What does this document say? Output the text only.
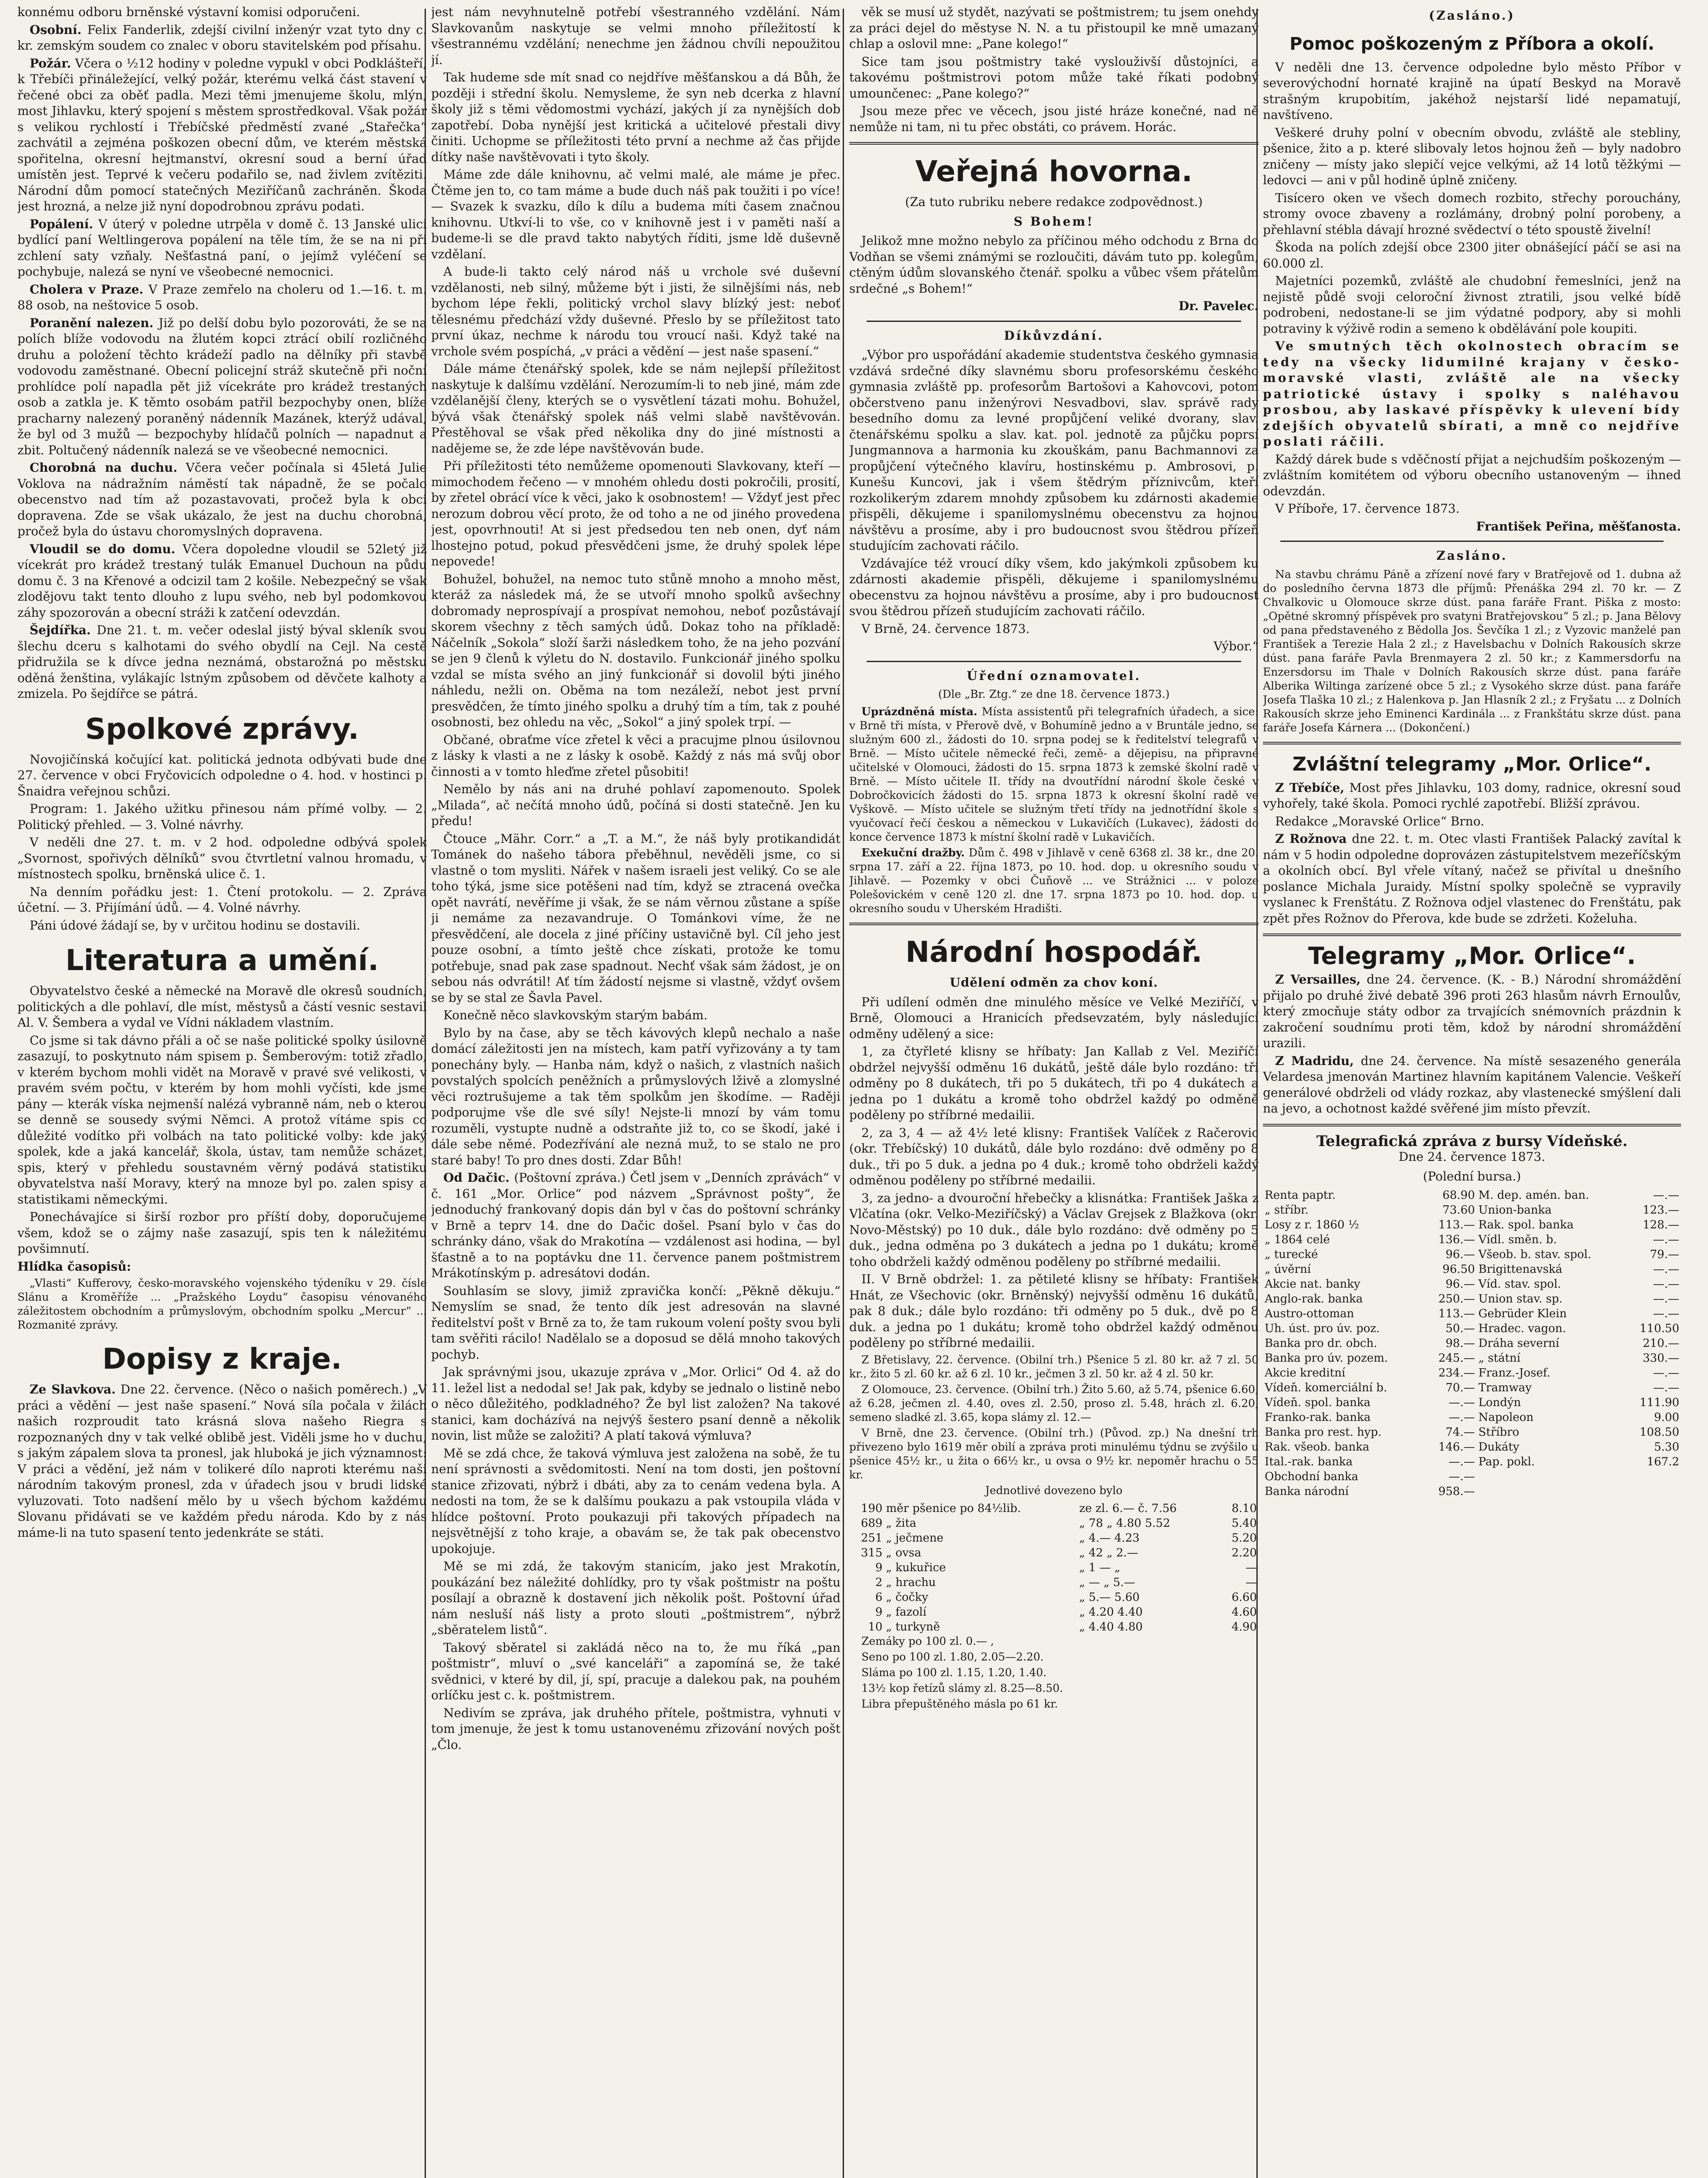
konnému odboru brněnské výstavní komisi odporučeni.

Osobní. Felix Fanderlik, zdejší civilní inženýr vzat tyto dny c. kr. zemským soudem co znalec v oboru stavitelském pod přísahu.

Požár. Včera o ½12 hodiny v poledne vypukl v obci Podklášteří, k Třebíči přináležející, velký požár, kterému velká část stavení v řečené obci za oběť padla. Mezi těmi jmenujeme školu, mlýn, most Jihlavku, který spojení s městem sprostředkoval. Však požár s velikou rychlostí i Třebíčské předměstí zvané „Stařečka“ zachvátil a zejména poškozen obecní dům, ve kterém městská spořitelna, okresní hejtmanství, okresní soud a berní úřad umístěn jest. Teprvé k večeru podařilo se, nad živlem zvítěziti. Národní dům pomocí statečných Meziříčanů zachráněn. Škoda jest hrozná, a nelze již nyní dopodrobnou zprávu podati.

Popálení. V úterý v poledne utrpěla v domě č. 13 Janské ulici bydlící paní Weltlingerova popálení na těle tím, že se na ni při zchlení saty vzňaly. Nešťastná paní, o jejímž vyléčení se pochybuje, nalezá se nyní ve všeobecné nemocnici.

Cholera v Praze. V Praze zemřelo na choleru od 1.—16. t. m. 88 osob, na neštovice 5 osob.

Poranění nalezen. Již po delší dobu bylo pozorováti, že se na polích blíže vodovodu na žlutém kopci ztrácí obilí rozličného druhu a položení těchto krádeží padlo na dělníky při stavbě vodovodu zaměstnané. Obecní policejní stráž skutečně při noční prohlídce polí napadla pět již vícekráte pro krádež trestaných osob a zatkla je. K těmto osobám patřil bezpochyby onen, blíže pracharny nalezený poraněný nádenník Mazánek, kterýž udával, že byl od 3 mužů — bezpochyby hlídačů polních — napadnut a zbit. Poltučený nádenník nalezá se ve všeobecné nemocnici.

Chorobná na duchu. Včera večer počínala si 45letá Julie Voklova na nádražním náměstí tak nápadně, že se počalo obecenstvo nad tím až pozastavovati, pročež byla k obci dopravena. Zde se však ukázalo, že jest na duchu chorobná, pročež byla do ústavu choromyslných dopravena.

Vloudil se do domu. Včera dopoledne vloudil se 52letý již vícekrát pro krádež trestaný tulák Emanuel Duchoun na půdu domu č. 3 na Křenové a odcizil tam 2 košile. Nebezpečný se však zlodějovu takt tento dlouho z lupu svého, neb byl podomkovou záhy spozorován a obecní stráži k zatčení odevzdán.

Šejdířka. Dne 21. t. m. večer odeslal jistý býval skleník svou šlechu dceru s kalhotami do svého obydlí na Cejl. Na cestě přidružila se k dívce jedna neznámá, obstarožná po městsku oděná ženština, vylákajíc lstným způsobem od děvčete kalhoty a zmizela. Po šejdířce se pátrá.

Spolkové zprávy.

Novojičínská kočující kat. politická jednota odbývati bude dne 27. července v obci Fryčovicích odpoledne o 4. hod. v hostinci p. Šnaidra veřejnou schůzi.

Program: 1. Jakého užitku přinesou nám přímé volby. — 2. Politický přehled. — 3. Volné návrhy.

V neděli dne 27. t. m. v 2 hod. odpoledne odbývá spolek „Svornost, spořivých dělníků“ svou čtvrtletní valnou hromadu, v místnostech spolku, brněnská ulice č. 1.

Na denním pořádku jest: 1. Čtení protokolu. — 2. Zpráva účetní. — 3. Přijímání údů. — 4. Volné návrhy.

Páni údové žádají se, by v určitou hodinu se dostavili.

Literatura a umění.

Obyvatelstvo české a německé na Moravě dle okresů soudních, politických a dle pohlaví, dle míst, městysů a částí vesnic sestavil Al. V. Šembera a vydal ve Vídni nákladem vlastním.

Co jsme si tak dávno přáli a oč se naše politické spolky úsilovně zasazují, to poskytnuto nám spisem p. Šemberovým: totiž zřadlo, v kterém bychom mohli vidět na Moravě v pravé své velikosti, v pravém svém počtu, v kterém by hom mohli vyčísti, kde jsme pány — kterák víska nejmenší nalézá vybranně nám, neb o kterou se denně se sousedy svými Němci. A protož vítáme spis co důležité vodítko při volbách na tato politické volby: kde jaký spolek, kde a jaká kancelář, škola, ústav, tam nemůže scházet, spis, který v přehledu soustavném věrný podává statistiku obyvatelstva naší Moravy, který na mnoze byl po. zalen spisy a statistikami německými.

Ponechávajíce si širší rozbor pro příští doby, doporučujeme všem, kdož se o zájmy naše zasazují, spis ten k náležitému povšimnutí.

Hlídka časopisů:

„Vlasti“ Kufferovy, česko-moravského vojenského týdeníku v 29. čísle Slánu a Kroměříže ... „Pražského Loydu“ časopisu vénovaného záležitostem obchodním a průmyslovým, obchodním spolku „Mercur“ ... Rozmanité zprávy.

Dopisy z kraje.

Ze Slavkova. Dne 22. července. (Něco o našich poměrech.) „V práci a vědění — jest naše spasení.“ Nová síla počala v žilách našich rozproudit tato krásná slova našeho Riegra s rozpoznaných dny v tak velké oblibě jest. Viděli jsme ho v duchu, s jakým zápalem slova ta pronesl, jak hluboká je jich významnost: V práci a vědění, jež nám v tolikeré dílo naproti kterému naši národním takovým pronesl, zda v úřadech jsou v brudi lidské vyluzovati. Toto nadšení mělo by u všech býchom každému Slovanu přidávati se ve každém předu národa. Kdo by z nás máme-li na tuto spasení tento jedenkráte se státi.

jest nám nevyhnutelně potřebí všestranného vzdělání. Nám Slavkovanům naskytuje se velmi mnoho příležitostí k všestrannému vzdělání; nenechme jen žádnou chvíli nepoužitou jí.

Tak hudeme sde mít snad co nejdříve měšťanskou a dá Bůh, že později i střední školu. Nemysleme, že syn neb dcerka z hlavní školy již s těmi vědomostmi vychází, jakých jí za nynějších dob zapotřebí. Doba nynější jest kritická a učitelové přestali divy činiti. Uchopme se příležitosti této první a nechme až čas přijde dítky naše navštěvovati i tyto školy.

Máme zde dále knihovnu, ač velmi malé, ale máme je přec. Čtěme jen to, co tam máme a bude duch náš pak toužiti i po více! — Svazek k svazku, dílo k dílu a budema míti časem značnou knihovnu. Utkví-li to vše, co v knihovně jest i v paměti naší a budeme-li se dle pravd takto nabytých říditi, jsme ldě duševně vzdělaní.

A bude-li takto celý národ náš u vrchole své duševní vzdělanosti, neb silný, můžeme být i jisti, že silnějšími nás, neb bychom lépe řekli, politický vrchol slavy blízký jest: neboť tělesnému předchází vždy duševné. Přeslo by se příležitost tato první úkaz, nechme k národu tou vroucí naši. Když také na vrchole svém pospíchá, „v práci a vědění — jest naše spasení.“

Dále máme čtenářský spolek, kde se nám nejlepší příležitost naskytuje k dalšímu vzdělání. Nerozumím-li to neb jiné, mám zde vzdělanější členy, kterých se o vysvětlení tázati mohu. Bohužel, bývá však čtenářský spolek náš velmi slabě navštěvován. Přestěhoval se však před několika dny do jiné místnosti a nadějeme se, že zde lépe navštěvován bude.

Při příležitosti této nemůžeme opomenouti Slavkovany, kteří — mimochodem řečeno — v mnohém ohledu dosti pokročili, prosití, by zřetel obrácí více k věci, jako k osobnostem! — Vždyť jest přec nerozum dobrou věcí proto, že od toho a ne od jiného provedena jest, opovrhnouti! At si jest předsedou ten neb onen, dyť nám lhostejno potud, pokud přesvědčeni jsme, že druhý spolek lépe nepovede!

Bohužel, bohužel, na nemoc tuto stůně mnoho a mnoho měst, kteráž za následek má, že se utvoří mnoho spolků avšechny dobromady neprospívají a prospívat nemohou, neboť pozůstávají skorem všechny z těch samých údů. Dokaz toho na příkladě: Náčelník „Sokola“ složí šarži následkem toho, že na jeho pozvání se jen 9 členů k výletu do N. dostavilo. Funkcionář jiného spolku vzdal se místa svého an jiný funkcionář si dovolil býti jiného náhledu, nežli on. Oběma na tom nezáleží, nebot jest první presvědčen, že tímto jiného spolku a druhý tím a tím, tak z pouhé osobnosti, bez ohledu na věc, „Sokol“ a jiný spolek trpí. —

Občané, obraťme více zřetel k věci a pracujme plnou úsilovnou z lásky k vlasti a ne z lásky k osobě. Každý z nás má svůj obor činnosti a v tomto hleďme zřetel působiti!

Nemělo by nás ani na druhé pohlaví zapomenouto. Spolek „Milada“, ač nečítá mnoho údů, počíná si dosti statečně. Jen ku předu!

Čtouce „Mähr. Corr.“ a „T. a M.“, že náš byly protikandidát Tománek do našeho tábora přeběhnul, nevěděli jsme, co si vlastně o tom mysliti. Nářek v našem israeli jest veliký. Co se ale toho týká, jsme sice potěšeni nad tím, když se ztracená ovečka opět navrátí, nevěříme ji však, že se nám věrnou zůstane a spíše ji nemáme za nezavandruje. O Tománkovi víme, že ne přesvědčení, ale docela z jiné příčiny ustavičně byl. Cíl jeho jest pouze osobní, a tímto ještě chce získati, protože ke tomu potřebuje, snad pak zase spadnout. Nechť však sám žádost, je on sebou nás odvrátil! Ať tím žádostí nejsme si vlastně, vždyť ovšem se by se stal ze Šavla Pavel.

Konečně něco slavkovským starým babám.

Bylo by na čase, aby se těch kávových klepů nechalo a naše domácí záležitosti jen na místech, kam patří vyřizovány a ty tam ponechány byly. — Hanba nám, když o našich, z vlastních našich povstalých spolcích peněžních a průmyslových lživě a zlomyslné věci roztrušujeme a tak těm spolkům jen škodíme. — Raději podporujme vše dle své síly! Nejste-li mnozí by vám tomu rozuměli, vystupte nudně a odstraňte již to, co se škodí, jaké i dále sebe němé. Podezřívání ale nezná muž, to se stalo ne pro staré baby! To pro dnes dosti. Zdar Bůh!

Od Dačic. (Poštovní zpráva.) Četl jsem v „Denních zprávách“ v č. 161 „Mor. Orlice“ pod názvem „Správnost pošty“, že jednoduchý frankovaný dopis dán byl v čas do poštovní schránky v Brně a teprv 14. dne do Dačic došel. Psaní bylo v čas do schránky dáno, však do Mrakotína — vzdálenost asi hodina, — byl šťastně a to na poptávku dne 11. července panem poštmistrem Mrákotínským p. adresátovi dodán.

Souhlasím se slovy, jimiž zpravička končí: „Pěkně děkuju.“ Nemyslím se snad, že tento dík jest adresován na slavné ředitelství pošt v Brně za to, že tam rukoum volení pošty svou byli tam svěřiti rácilo! Nadělalo se a doposud se dělá mnoho takových pochyb.

Jak správnými jsou, ukazuje zpráva v „Mor. Orlici“ Od 4. až do 11. ležel list a nedodal se! Jak pak, kdyby se jednalo o listině nebo o něco důležitého, podkladného? Že byl list založen? Na takové stanici, kam docházívá na nejvýš šestero psaní denně a několik novin, list může se založiti? A platí taková výmluva?

Mě se zdá chce, že taková výmluva jest založena na sobě, že tu není správnosti a svědomitosti. Není na tom dosti, jen poštovní stanice zřizovati, nýbrž i dbáti, aby za to cenám vedena byla. A nedosti na tom, že se k dalšímu poukazu a pak vstoupila vláda v hlídce poštovní. Proto poukazuji při takových případech na nejsvětnější z toho kraje, a obavám se, že tak pak obecenstvo upokojuje.

Mě se mi zdá, že takovým stanicím, jako jest Mrakotín, poukázání bez náležité dohlídky, pro ty však poštmistr na poštu posílají a obrazně k dostavení jich několik pošt. Poštovní úřad nám nesluší náš listy a proto slouti „poštmistrem“, nýbrž „sběratelem listů“.

Takový sběratel si zakládá něco na to, že mu říká „pan poštmistr“, mluví o „své kanceláři“ a zapomíná se, že také svědnici, v které by dil, jí, spí, pracuje a dalekou pak, na pouhém orlíčku jest c. k. poštmistrem.

Nedivím se zpráva, jak druhého přítele, poštmistra, vyhnuti v tom jmenuje, že jest k tomu ustanovenému zřizování nových pošt „Člo.

věk se musí už stydět, nazývati se poštmistrem; tu jsem onehdy za práci dejel do městyse N. N. a tu přistoupil ke mně umazaný chlap a oslovil mne: „Pane kolego!“

Sice tam jsou poštmistry také vyslouživší důstojníci, a takovému poštmistrovi potom může také říkati podobný umounčenec: „Pane kolego?“

Jsou meze přec ve věcech, jsou jisté hráze konečné, nad ně nemůže ni tam, ni tu přec obstáti, co právem. Horác.

Veřejná hovorna.
(Za tuto rubriku nebere redakce zodpovědnost.)
S Bohem!

Jelikož mne možno nebylo za příčinou mého odchodu z Brna do Vodňan se všemi známými se rozloučiti, dávám tuto pp. kolegům, ctěným údům slovanského čtenář. spolku a vůbec všem přátelům srdečné „s Bohem!“

Dr. Pavelec.
Díkůvzdání.

„Výbor pro uspořádání akademie studentstva českého gymnasia vzdává srdečné díky slavnému sboru profesorskému českého gymnasia zvláště pp. profesorům Bartošovi a Kahovcovi, potom občerstveno panu inženýrovi Nesvadbovi, slav. správě rady besedního domu za levné propůjčení veliké dvorany, slav. čtenářskému spolku a slav. kat. pol. jednotě za půjčku poprsí Jungmannova a harmonia ku zkouškám, panu Bachmannovi za propůjčení výtečného klavíru, hostinskému p. Ambrosovi, p. Kunešu Kuncovi, jak i všem štědrým příznivcům, kteří rozkolikerým zdarem mnohdy způsobem ku zdárnosti akademie přispěli, děkujeme i spanilomyslnému obecenstvu za hojnou návštěvu a prosíme, aby i pro budoucnost svou štědrou přízeň studujícím zachovati ráčilo.

Vzdávajíce též vroucí díky všem, kdo jakýmkoli způsobem ku zdárnosti akademie přispěli, děkujeme i spanilomyslnému obecenstvu za hojnou návštěvu a prosíme, aby i pro budoucnost svou štědrou přízeň studujícím zachovati ráčilo.

V Brně, 24. července 1873.

Výbor.“
Úřední oznamovatel.
(Dle „Br. Ztg.“ ze dne 18. července 1873.)

Uprázdněná místa. Místa assistentů při telegrafních úřadech, a sice: v Brně tři místa, v Přerově dvě, v Bohumíně jedno a v Bruntále jedno, se služným 600 zl., žádosti do 10. srpna podej se k ředitelství telegrafů v Brně. — Místo učitele německé řeči, země- a dějepisu, na připravné učitelské v Olomouci, žádosti do 15. srpna 1873 k zemské školní radě v Brně. — Místo učitele II. třídy na dvoutřídní národní škole české v Dobročkovicích žádosti do 15. srpna 1873 k okresní školní radě ve Vyškově. — Místo učitele se služným třetí třídy na jednotřídní škole s vyučovací řečí českou a německou v Lukavičích (Lukavec), žádosti do konce července 1873 k místní školní radě v Lukavičích.

Exekuční dražby. Dům č. 498 v Jihlavě v ceně 6368 zl. 38 kr., dne 20. srpna 17. září a 22. října 1873, po 10. hod. dop. u okresního soudu v Jihlavě. — Pozemky v obci Čuňově ... ve Strážnici ... v poloze Polešovickém v ceně 120 zl. dne 17. srpna 1873 po 10. hod. dop. u okresního soudu v Uherském Hradišti.

Národní hospodář.
Udělení odměn za chov koní.

Při udílení odměn dne minulého měsíce ve Velké Meziříčí, v Brně, Olomouci a Hranicích předsevzatém, byly následující odměny udělený a sice:

1, za čtyřleté klisny se hříbaty: Jan Kallab z Vel. Meziříčí obdržel nejvyšší odměnu 16 dukátů, ještě dále bylo rozdáno: tři odměny po 8 dukátech, tři po 5 dukátech, tři po 4 dukátech a jedna po 1 dukátu a kromě toho obdržel každý po odměně poděleny po stříbrné medailii.

2, za 3, 4 — až 4½ leté klisny: František Valíček z Račerovic (okr. Třebíčský) 10 dukátů, dále bylo rozdáno: dvě odměny po 8 duk., tři po 5 duk. a jedna po 4 duk.; kromě toho obdrželi každý odměnou poděleny po stříbrné medailii.

3, za jedno- a dvouroční hřebečky a klisnátka: František Jaška z Vlčatína (okr. Velko-Meziříčský) a Václav Grejsek z Blažkova (okr. Novo-Městský) po 10 duk., dále bylo rozdáno: dvě odměny po 5 duk., jedna odměna po 3 dukátech a jedna po 1 dukátu; kromě toho obdrželi každý odměnou poděleny po stříbrné medailii.

II. V Brně obdržel: 1. za pětileté klisny se hříbaty: František Hnát, ze Všechovic (okr. Brněnský) nejvyšší odměnu 16 dukátů, pak 8 duk.; dále bylo rozdáno: tři odměny po 5 duk., dvě po 8 duk. a jedna po 1 dukátu; kromě toho obdržel každý odměnou poděleny po stříbrné medailii.

Z Břetislavy, 22. července. (Obilní trh.) Pšenice 5 zl. 80 kr. až 7 zl. 50 kr., žito 5 zl. 60 kr. až 6 zl. 10 kr., ječmen 3 zl. 50 kr. až 4 zl. 50 kr.

Z Olomouce, 23. července. (Obilní trh.) Žito 5.60, až 5.74, pšenice 6.60, až 6.28, ječmen zl. 4.40, oves zl. 2.50, proso zl. 5.48, hrách zl. 6.20, semeno sladké zl. 3.65, kopa slámy zl. 12.—

V Brně, dne 23. července. (Obilní trh.) (Původ. zp.) Na dnešní trh přivezeno bylo 1619 měr obilí a zpráva proti minulému týdnu se zvýšilo u pšenice 45½ kr., u žita o 66½ kr., u ovsa o 9½ kr. nepoměr hrachu o 55 kr.

Jednotlivé dovezeno bylo
190	měr pšenice po 84½lib.	ze zl. 6.— č. 7.56	8.10
689	„ žita	„ 78 „ 4.80 5.52	5.40
251	„ ječmene	„ 4.— 4.23	5.20
315	„ ovsa	„ 42 „ 2.—	2.20
9	„ kukuřice	„ 1 — „	—
2	„ hrachu	„ — „ 5.—	—
6	„ čočky	„ 5.— 5.60	6.60
9	„ fazolí	„ 4.20 4.40	4.60
10	„ turkyně	„ 4.40 4.80	4.90

Zemáky po 100 zl. 0.— ,

Seno po 100 zl. 1.80, 2.05—2.20.

Sláma po 100 zl. 1.15, 1.20, 1.40.

13½ kop řetízů slámy zl. 8.25—8.50.

Libra přepuštěného másla po 61 kr.

(Zasláno.)
Pomoc poškozeným z Příbora a okolí.

V neděli dne 13. července odpoledne bylo město Příbor v severovýchodní hornaté krajině na úpatí Beskyd na Moravě strašným krupobitím, jakéhož nejstarší lidé nepamatují, navštíveno.

Veškeré druhy polní v obecním obvodu, zvláště ale stebliny, pšenice, žito a p. které slibovaly letos hojnou žeň — byly nadobro zničeny — místy jako slepičí vejce velkými, až 14 lotů těžkými — ledovci — ani v půl hodině úplně zničeny.

Tisícero oken ve všech domech rozbito, střechy porouchány, stromy ovoce zbaveny a rozlámány, drobný polní porobeny, a přehlavní stébla dávají hrozné svědectví o této spoustě živelní!

Škoda na polích zdejší obce 2300 jiter obnášející páčí se asi na 60.000 zl.

Majetníci pozemků, zvláště ale chudobní řemeslníci, jenž na nejistě půdě svoji celoroční živnost ztratili, jsou velké bídě podrobeni, nedostane-li se jim výdatné podpory, aby si mohli potraviny k výživě rodin a semeno k obdělávání pole koupiti.

Ve smutných těch okolnostech obracím se tedy na všecky lidumilné krajany v česko-moravské vlasti, zvláště ale na všecky patriotické ústavy i spolky s naléhavou prosbou, aby laskavé příspěvky k ulevení bídy zdejších obyvatelů sbírati, a mně co nejdříve poslati ráčili.

Každý dárek bude s vděčností přijat a nejchudším poškozeným — zvláštním komitétem od výboru obecního ustanoveným — ihned odevzdán.

V Příboře, 17. července 1873.

František Peřina, měšťanosta.
Zasláno.

Na stavbu chrámu Páně a zřízení nové fary v Bratřejově od 1. dubna až do posledního června 1873 dle příjmů: Přenáška 294 zl. 70 kr. — Z Chvalkovic u Olomouce skrze dúst. pana faráře Frant. Piška z mosto: „Opětné skromný příspěvek pro svatyni Bratřejovskou“ 5 zl.; p. Jana Bělovy od pana představeného z Bědolla Jos. Ševčíka 1 zl.; z Vyzovic manželé pan František a Terezie Hala 2 zl.; z Havelsbachu v Dolních Rakousích skrze dúst. pana faráře Pavla Brenmayera 2 zl. 50 kr.; z Kammersdorfu na Enzersdorsu im Thale v Dolních Rakousích skrze dúst. pana faráře Alberika Wiltinga zarízené obce 5 zl.; z Vysokého skrze dúst. pana faráře Josefa Tlaška 10 zl.; z Halenkova p. Jan Hlasník 2 zl.; z Fryšatu ... z Dolních Rakousích skrze jeho Eminenci Kardinála ... z Frankštátu skrze dúst. pana faráře Josefa Kárnera ... (Dokončení.)

Zvláštní telegramy „Mor. Orlice“.

Z Třebíče, Most přes Jihlavku, 103 domy, radnice, okresní soud vyhořely, také škola. Pomoci rychlé zapotřebí. Bližší zprávou.

Redakce „Moravské Orlice“ Brno.

Z Rožnova dne 22. t. m. Otec vlasti František Palacký zavítal k nám v 5 hodin odpoledne doprovázen zástupitelstvem mezeříčským a okolních obcí. Byl vřele vítaný, načež se přivítal u dnešního poslance Michala Juraidy. Místní spolky společně se vypravily vyslanec k Frenštátu. Z Rožnova odjel vlastenec do Frenštátu, pak zpět přes Rožnov do Přerova, kde bude se zdržeti. Koželuha.

Telegramy „Mor. Orlice“.

Z Versailles, dne 24. července. (K. - B.) Národní shromáždění přijalo po druhé živé debatě 396 proti 263 hlasům návrh Ernoulův, který zmocňuje státy odbor za trvajících snémovních prázdnin k zakročení soudnímu proti těm, kdož by národní shromáždění urazili.

Z Madridu, dne 24. července. Na místě sesazeného generála Velardesa jmenován Martinez hlavním kapitánem Valencie. Veškeří generálové obdrželi od vlády rozkaz, aby vlastenecké smýšlení dali na jevo, a ochotnost každé svěřené jim místo převzít.

Telegrafická zpráva z bursy Vídeňské.
Dne 24. července 1873.
(Polední bursa.)
Renta paptr.	68.90	M. dep. amén. ban.	—.—
„ stříbr.	73.60	Union-banka	123.—
Losy z r. 1860 ½	113.—	Rak. spol. banka	128.—
„ 1864 celé	136.—	Vídl. směn. b.	—.—
„ turecké	96.—	Všeob. b. stav. spol.	79.—
„ úvěrní	96.50	Brigittenavská	—.—
Akcie nat. banky	96.—	Víd. stav. spol.	—.—
Anglo-rak. banka	250.—	Union stav. sp.	—.—
Austro-ottoman	113.—	Gebrüder Klein	—.—
Uh. úst. pro úv. poz.	50.—	Hradec. vagon.	110.50
Banka pro dr. obch.	98.—	Dráha severní	210.—
Banka pro úv. pozem.	245.—	„ státní	330.—
Akcie kreditní	234.—	Franz.-Josef.	—.—
Vídeň. komerciální b.	70.—	Tramway	—.—
Vídeň. spol. banka	—.—	Londýn	111.90
Franko-rak. banka	—.—	Napoleon	9.00
Banka pro rest. hyp.	74.—	Stříbro	108.50
Rak. všeob. banka	146.—	Dukáty	5.30
Ital.-rak. banka	—.—	Pap. pokl.	167.2
Obchodní banka	—.—		
Banka národní	958.—		
